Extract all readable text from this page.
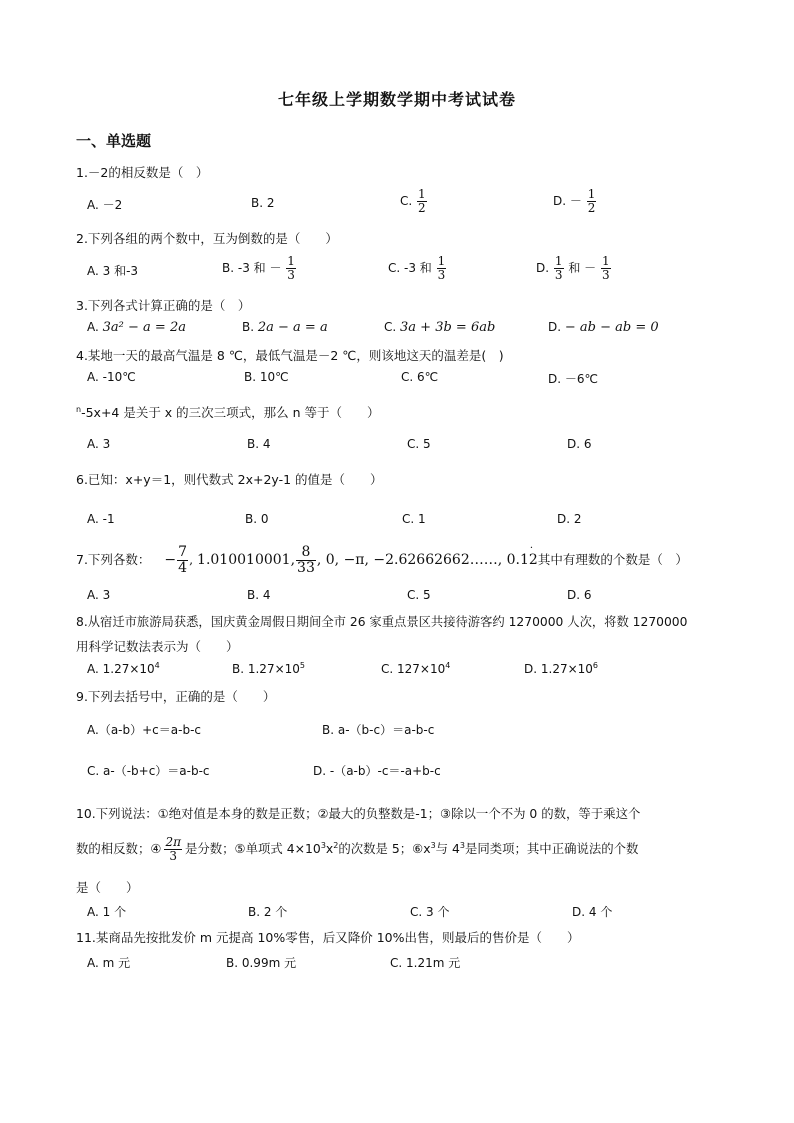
七年级上学期数学期中考试试卷
一、单选题
1.－2的相反数是（　）
A. －2	B. 2	C. $\frac{1}{2}$	D. － $\frac{1}{2}$
2.下列各组的两个数中，互为倒数的是（　　）
A. 3 和-3	B. -3 和 － $\frac{1}{3}$	C. -3 和 $\frac{1}{3}$	D. $\frac{1}{3}$ 和 － $\frac{1}{3}$
3.下列各式计算正确的是（　）
A. 3a² − a = 2a	B. 2a − a = a	C. 3a + 3b = 6ab	D. − ab − ab = 0
4.某地一天的最高气温是 8 ℃，最低气温是－2 ℃，则该地这天的温差是(　)
A. -10℃	B. 10℃	C. 6℃	D. －6℃
$^n$-5x+4 是关于 x 的三次三项式，那么 n 等于（　　）
A. 3	B. 4	C. 5	D. 6
6.已知：x+y＝1，则代数式 2x+2y-1 的值是（　　）
A. -1	B. 0	C. 1	D. 2
7.下列各数： − $\frac{7}{4}$ , 1.010010001, $\frac{8}{33}$ , 0, −π, −2.62662662……, 0.1· 2其中有理数的个数是（　）
A. 3	B. 4	C. 5	D. 6
8.从宿迁市旅游局获悉，国庆黄金周假日期间全市 26 家重点景区共接待游客约 1270000 人次，将数 1270000
用科学记数法表示为（　　）
A. $1.27\times 10^4$	B. $1.27\times 10^5$	C. $127\times 10^4$	D. $1.27\times 10^6$
9.下列去括号中，正确的是（　　）
A.（a-b）+c＝a-b-c	B. a-（b-c）＝a-b-c
C. a-（-b+c）＝a-b-c	D. -（a-b）-c＝-a+b-c
10.下列说法：①绝对值是本身的数是正数；②最大的负整数是-1；③除以一个不为 0 的数，等于乘这个
数的相反数；④ $\frac{2\pi}{3}$ 是分数；⑤单项式 $4\times 10^3x^2$的次数是 5；$⑥x^3$与 $4^3$是同类项；其中正确说法的个数
是（　　）
A. 1 个	B. 2 个	C. 3 个	D. 4 个
11.某商品先按批发价 m 元提高 10%零售，后又降价 10%出售，则最后的售价是（　　）
A. m 元	B. 0.99m 元	C. 1.21m 元
